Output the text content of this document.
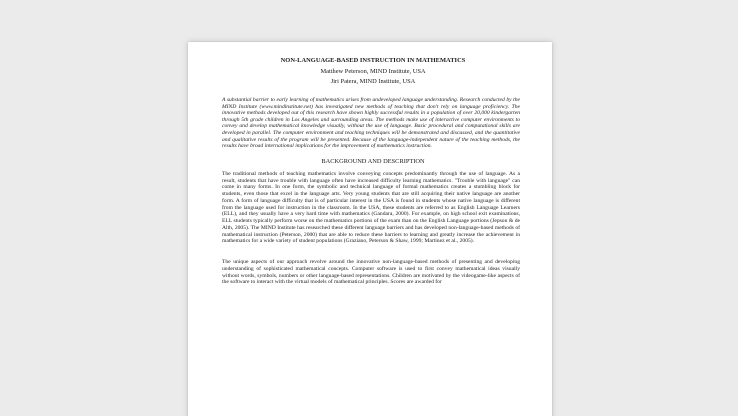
NON-LANGUAGE-BASED INSTRUCTION IN MATHEMATICS
Matthew Peterson, MIND Institute, USA
Jiri Patera, MIND Institute, USA
A substantial barrier to early learning of mathematics arises from undeveloped language understanding. Research conducted by the MIND Institute (www.mindinstitute.net) has investigated new methods of teaching that don't rely on language proficiency. The innovative methods developed out of this research have shown highly successful results in a population of over 20,000 kindergarten through 5th grade children in Los Angeles and surrounding areas. The methods make use of interactive computer environments to convey and develop mathematical knowledge visually, without the use of language. Basic procedural and computational skills are developed in parallel. The computer environment and teaching techniques will be demonstrated and discussed, and the quantitative and qualitative results of the program will be presented. Because of the language-independent nature of the teaching methods, the results have broad international implications for the improvement of mathematics instruction.
BACKGROUND AND DESCRIPTION
The traditional methods of teaching mathematics involve conveying concepts predominantly through the use of language. As a result, students that have trouble with language often have increased difficulty learning mathematics. "Trouble with language" can come in many forms. In one form, the symbolic and technical language of formal mathematics creates a stumbling block for students, even those that excel in the language arts. Very young students that are still acquiring their native language are another form. A form of language difficulty that is of particular interest in the USA is found in students whose native language is different from the language used for instruction in the classroom. In the USA, these students are referred to as English Language Learners (ELL), and they usually have a very hard time with mathematics (Gandara, 2000). For example, on high school exit examinations, ELL students typically perform worse on the mathematics portions of the exam than on the English Language portions (Jepson & de Alth, 2005). The MIND Institute has researched these different language barriers and has developed non-language-based methods of mathematical instruction (Peterson, 2000) that are able to reduce these barriers to learning and greatly increase the achievement in mathematics for a wide variety of student populations (Graziano, Peterson & Shaw, 1999; Martinez et al., 2005).
The unique aspects of our approach revolve around the innovative non-language-based methods of presenting and developing understanding of sophisticated mathematical concepts. Computer software is used to first convey mathematical ideas visually without words, symbols, numbers or other language-based representations. Children are motivated by the videogame-like aspects of the software to interact with the virtual models of mathematical principles. Scores are awarded for
